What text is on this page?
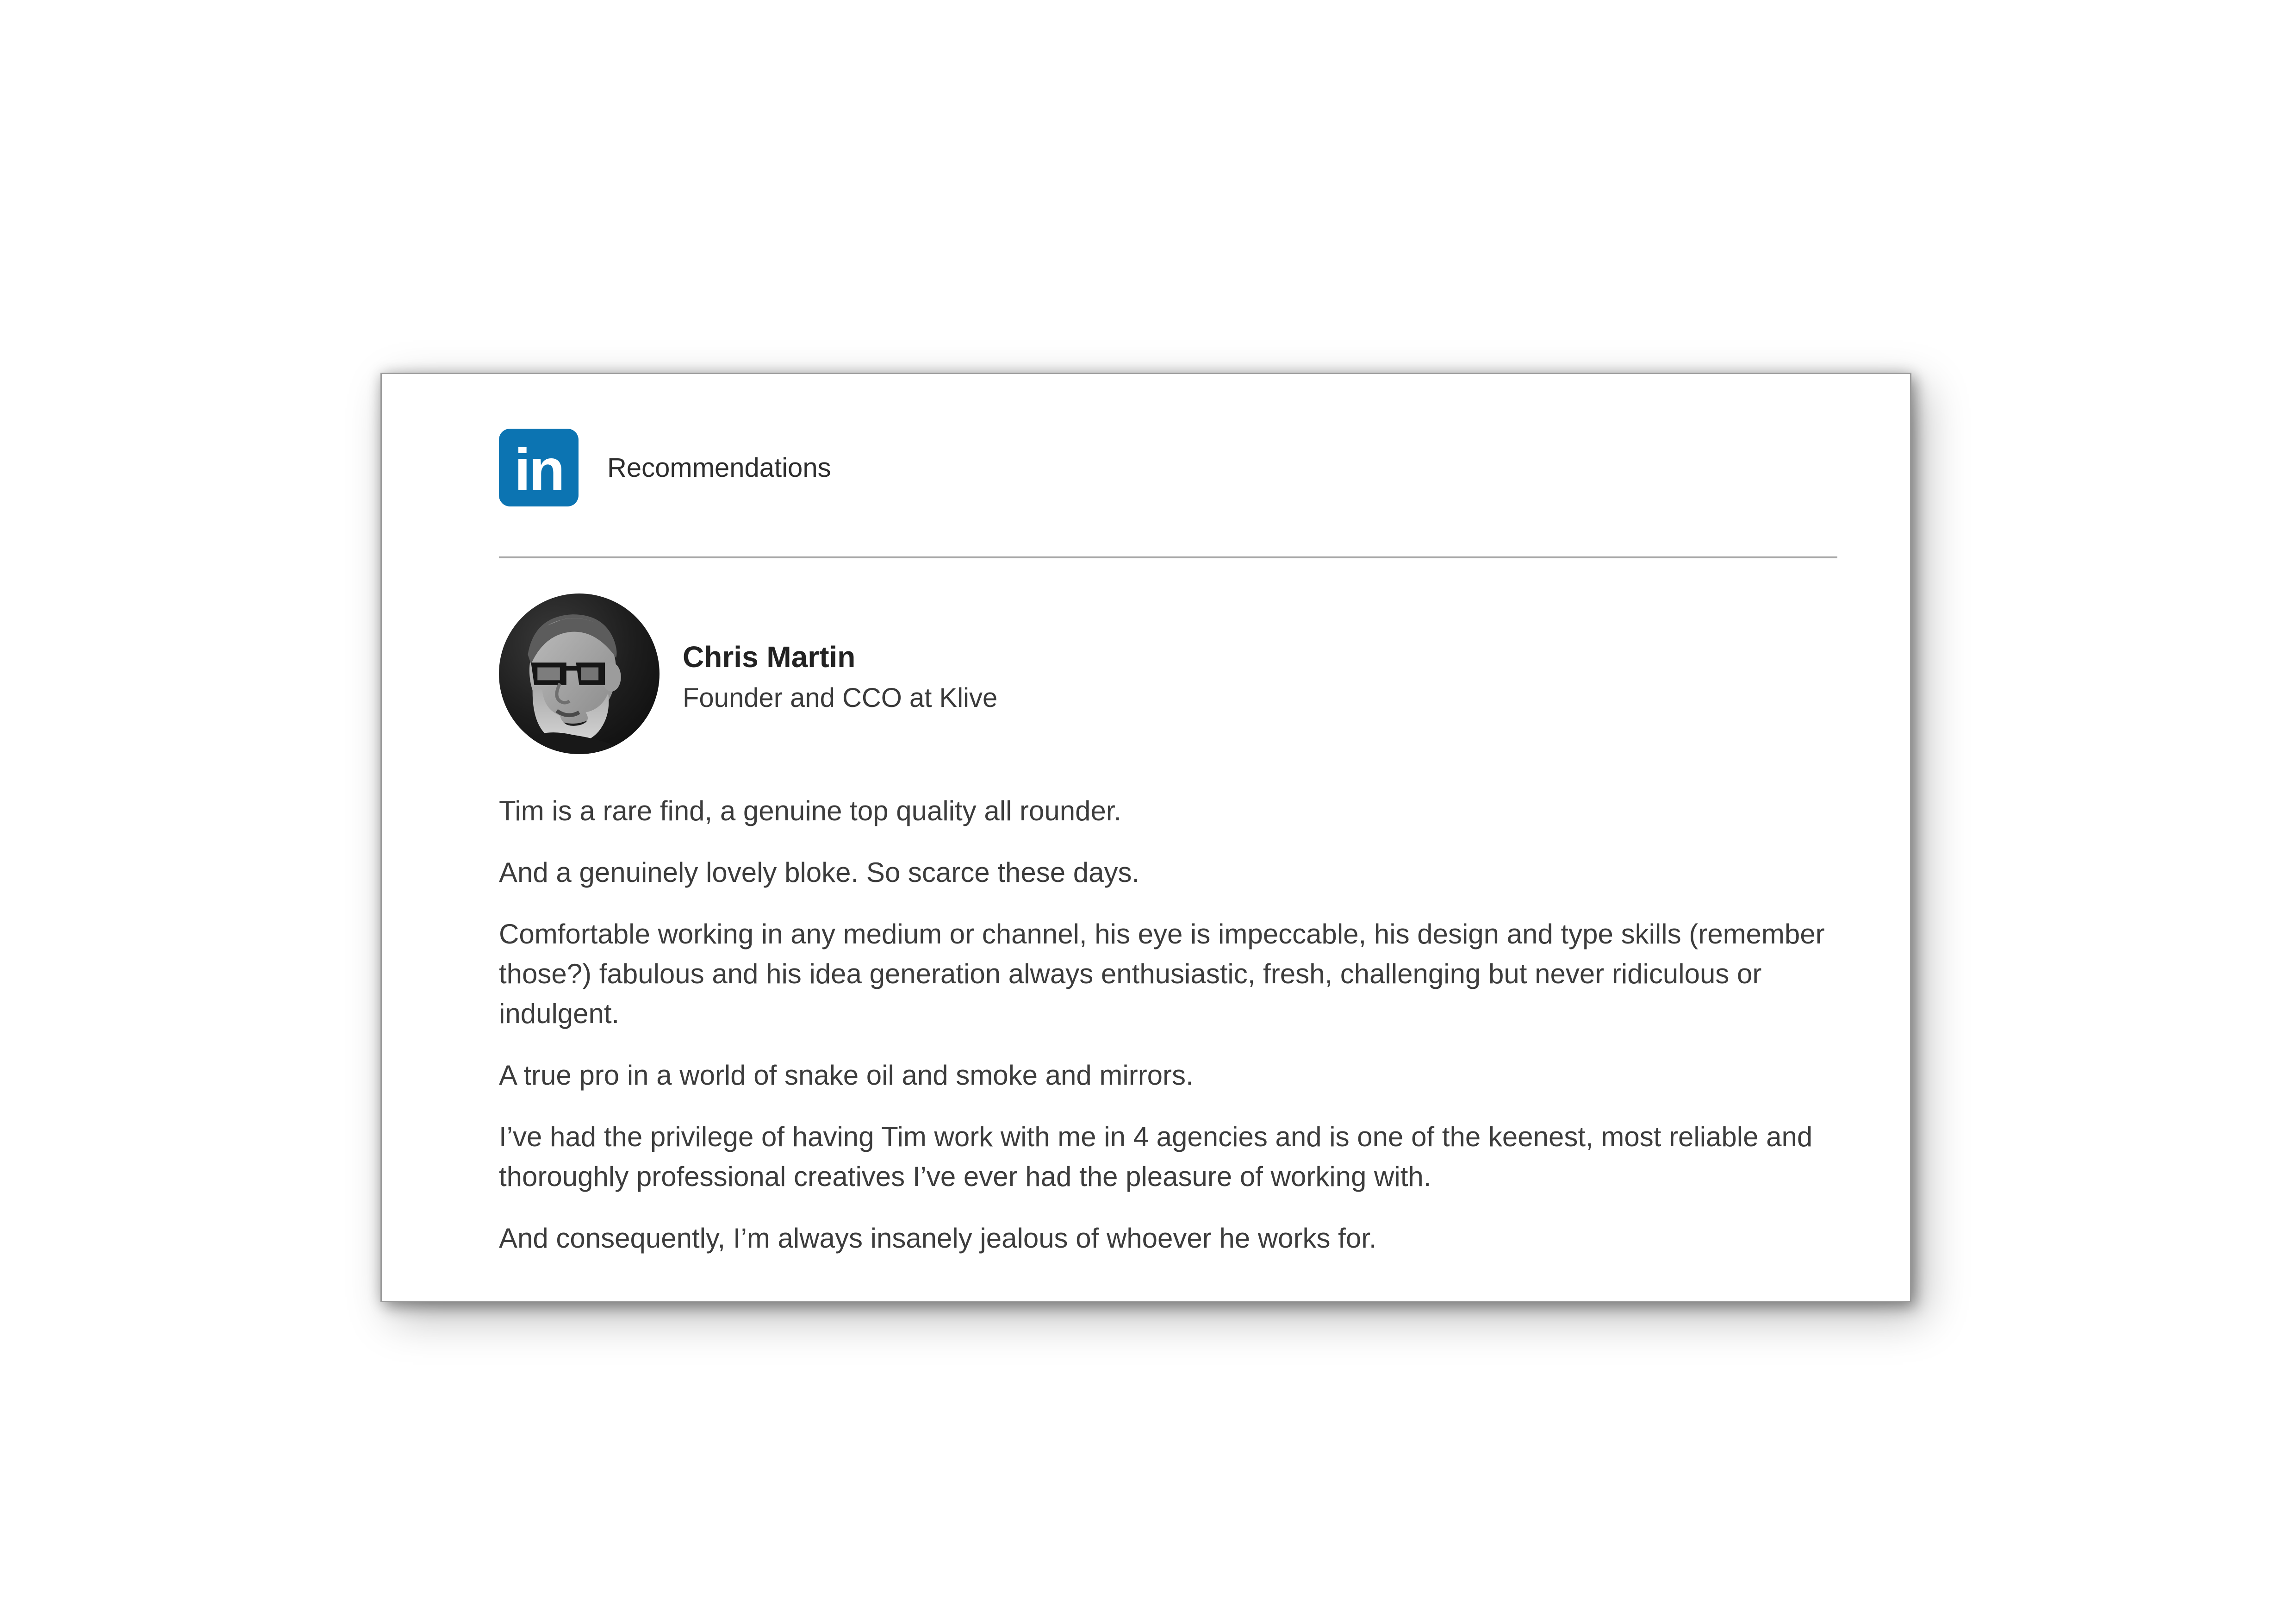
in	Recommendations
Chris Martin
Founder and CCO at Klive

Tim is a rare find, a genuine top quality all rounder.

And a genuinely lovely bloke. So scarce these days.

Comfortable working in any medium or channel, his eye is impeccable, his design and type skills (remember those?) fabulous and his idea generation always enthusiastic, fresh, challenging but never ridiculous or indulgent.

A true pro in a world of snake oil and smoke and mirrors.

I’ve had the privilege of having Tim work with me in 4 agencies and is one of the keenest, most reliable and thoroughly professional creatives I’ve ever had the pleasure of working with.

And consequently, I’m always insanely jealous of whoever he works for.
